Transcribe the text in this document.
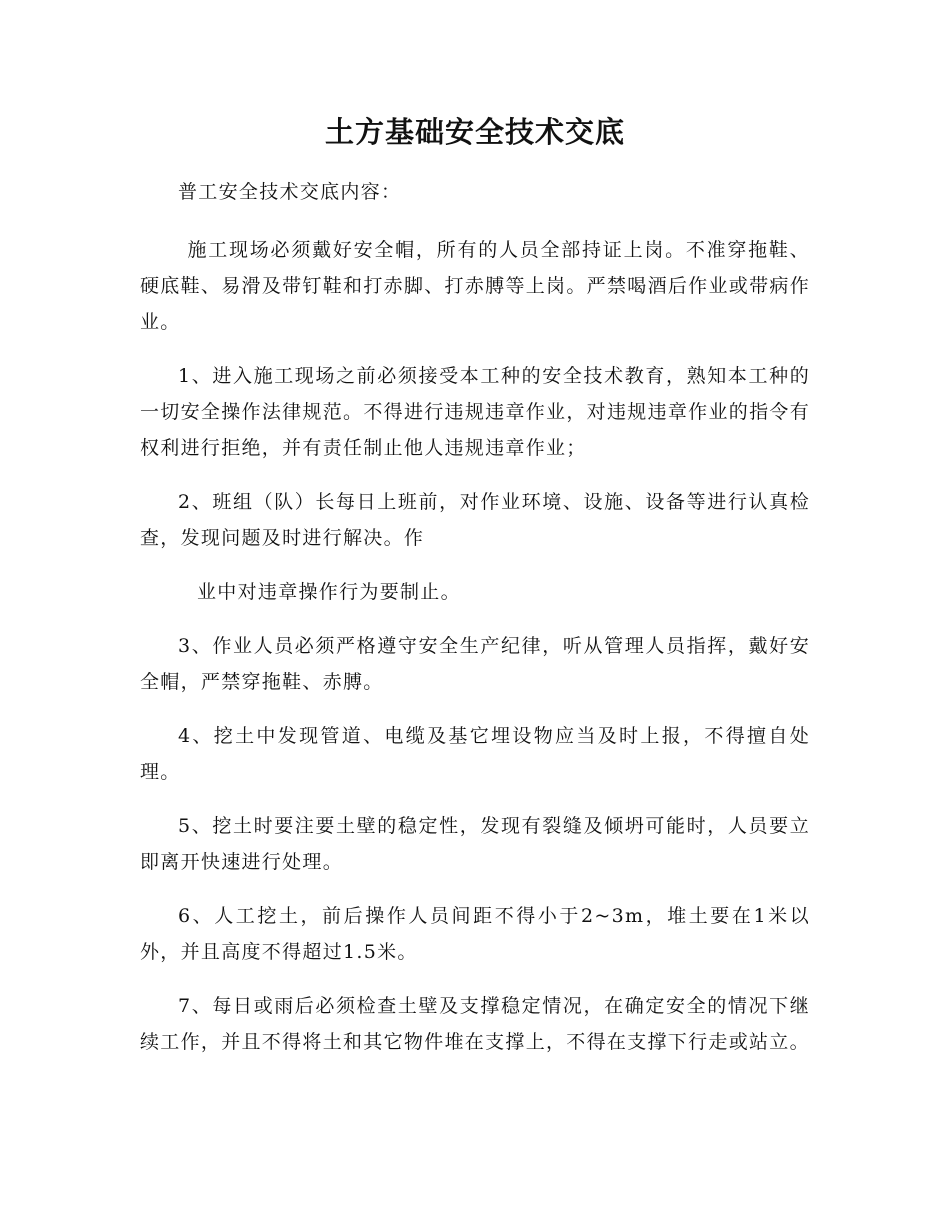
土方基础安全技术交底

普工安全技术交底内容：

施工现场必须戴好安全帽，所有的人员全部持证上岗。不准穿拖鞋、硬底鞋、易滑及带钉鞋和打赤脚、打赤膊等上岗。严禁喝酒后作业或带病作业。

1、进入施工现场之前必须接受本工种的安全技术教育，熟知本工种的一切安全操作法律规范。不得进行违规违章作业，对违规违章作业的指令有权利进行拒绝，并有责任制止他人违规违章作业；

2、班组（队）长每日上班前，对作业环境、设施、设备等进行认真检查，发现问题及时进行解决。作

业中对违章操作行为要制止。

3、作业人员必须严格遵守安全生产纪律，听从管理人员指挥，戴好安全帽，严禁穿拖鞋、赤膊。

4、挖土中发现管道、电缆及基它埋设物应当及时上报，不得擅自处理。

5、挖土时要注要土壁的稳定性，发现有裂缝及倾坍可能时，人员要立即离开快速进行处理。

6、人工挖土，前后操作人员间距不得小于2~3m，堆土要在1米以外，并且高度不得超过1.5米。

7、每日或雨后必须检查土壁及支撑稳定情况，在确定安全的情况下继续工作，并且不得将土和其它物件堆在支撑上，不得在支撑下行走或站立。
